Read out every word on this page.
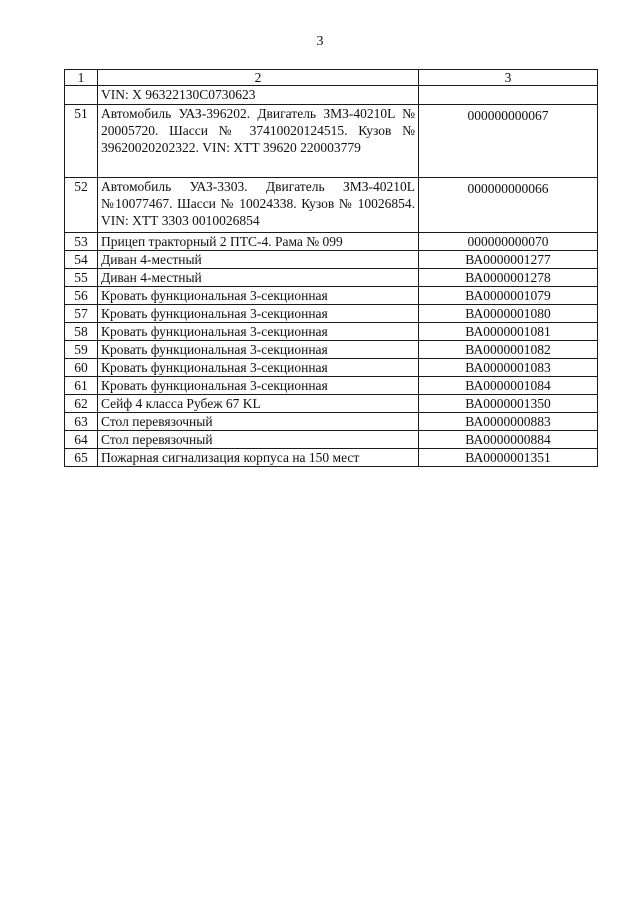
3
1	2	3
	VIN: X 96322130C0730623	
51	Автомобиль УАЗ-396202. Двигатель ЗМЗ-40210L № 20005720. Шасси № 37410020124515. Кузов № 39620020202322. VIN: ХТТ 39620 220003779	000000000067
52	Автомобиль УАЗ-3303. Двигатель ЗМЗ-40210L №10077467. Шасси № 10024338. Кузов № 10026854. VIN: ХТТ 3303 0010026854	000000000066
53	Прицеп тракторный 2 ПТС-4. Рама № 099	000000000070
54	Диван 4-местный	ВА0000001277
55	Диван 4-местный	ВА0000001278
56	Кровать функциональная 3-секционная	ВА0000001079
57	Кровать функциональная 3-секционная	ВА0000001080
58	Кровать функциональная 3-секционная	ВА0000001081
59	Кровать функциональная 3-секционная	ВА0000001082
60	Кровать функциональная 3-секционная	ВА0000001083
61	Кровать функциональная 3-секционная	ВА0000001084
62	Сейф 4 класса Рубеж 67 KL	ВА0000001350
63	Стол перевязочный	ВА0000000883
64	Стол перевязочный	ВА0000000884
65	Пожарная сигнализация корпуса на 150 мест	ВА0000001351
